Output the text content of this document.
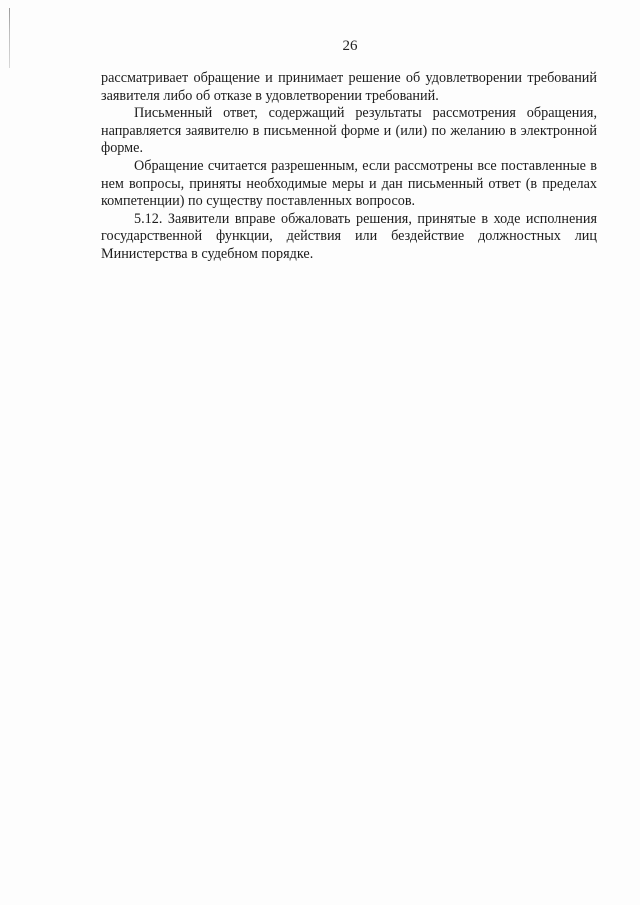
26

рассматривает обращение и принимает решение об удовлетворении требований заявителя либо об отказе в удовлетворении требований.

Письменный ответ, содержащий результаты рассмотрения обращения, направляется заявителю в письменной форме и (или) по желанию в электронной форме.

Обращение считается разрешенным, если рассмотрены все поставленные в нем вопросы, приняты необходимые меры и дан письменный ответ (в пределах компетенции) по существу поставленных вопросов.

5.12. Заявители вправе обжаловать решения, принятые в ходе исполнения государственной функции, действия или бездействие должностных лиц Министерства в судебном порядке.
